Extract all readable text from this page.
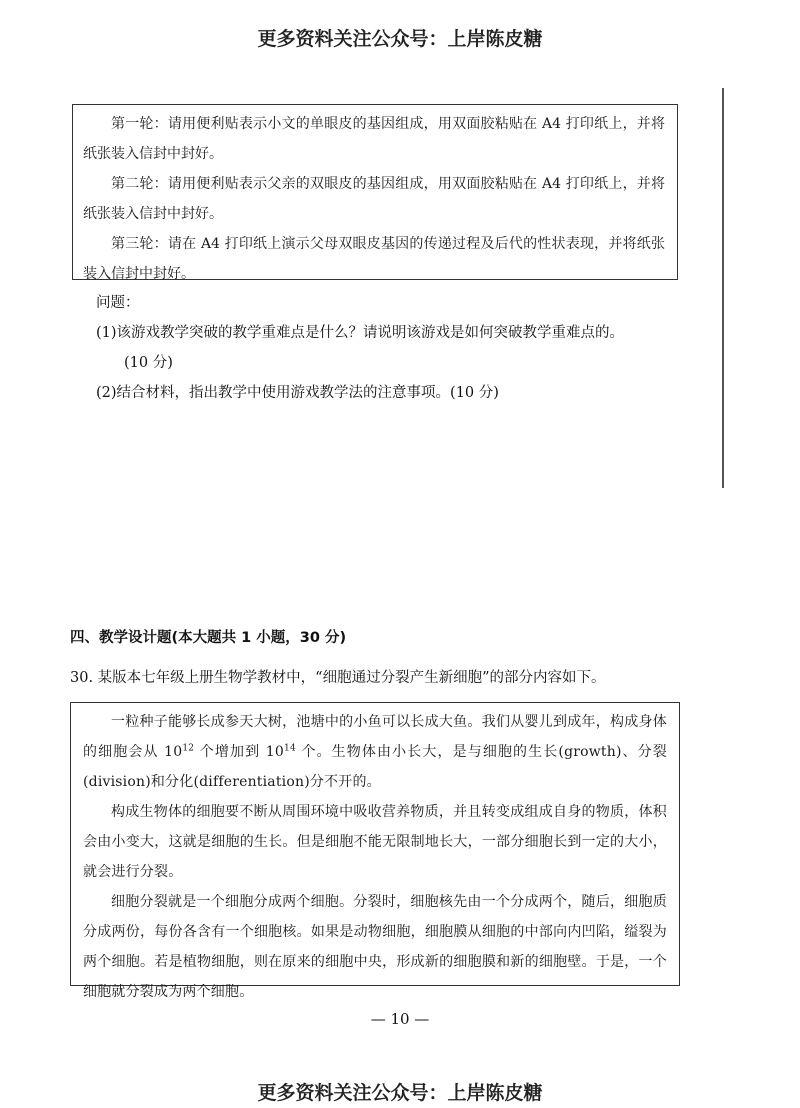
更多资料关注公众号：上岸陈皮糖

第一轮：请用便利贴表示小文的单眼皮的基因组成，用双面胶粘贴在 A4 打印纸上，并将纸张装入信封中封好。

第二轮：请用便利贴表示父亲的双眼皮的基因组成，用双面胶粘贴在 A4 打印纸上，并将纸张装入信封中封好。

第三轮：请在 A4 打印纸上演示父母双眼皮基因的传递过程及后代的性状表现，并将纸张装入信封中封好。

问题：

(1)该游戏教学突破的教学重难点是什么？请说明该游戏是如何突破教学重难点的。

(10 分)

(2)结合材料，指出教学中使用游戏教学法的注意事项。(10 分)

四、教学设计题(本大题共 1 小题，30 分)
30. 某版本七年级上册生物学教材中，“细胞通过分裂产生新细胞”的部分内容如下。

一粒种子能够长成参天大树，池塘中的小鱼可以长成大鱼。我们从婴儿到成年，构成身体的细胞会从 $10^{12}$ 个增加到 $10^{14}$ 个。生物体由小长大，是与细胞的生长(growth)、分裂(division)和分化(differentiation)分不开的。

构成生物体的细胞要不断从周围环境中吸收营养物质，并且转变成组成自身的物质，体积会由小变大，这就是细胞的生长。但是细胞不能无限制地长大，一部分细胞长到一定的大小，就会进行分裂。

细胞分裂就是一个细胞分成两个细胞。分裂时，细胞核先由一个分成两个，随后，细胞质分成两份，每份各含有一个细胞核。如果是动物细胞，细胞膜从细胞的中部向内凹陷，缢裂为两个细胞。若是植物细胞，则在原来的细胞中央，形成新的细胞膜和新的细胞壁。于是，一个细胞就分裂成为两个细胞。

— 10 —
更多资料关注公众号：上岸陈皮糖
